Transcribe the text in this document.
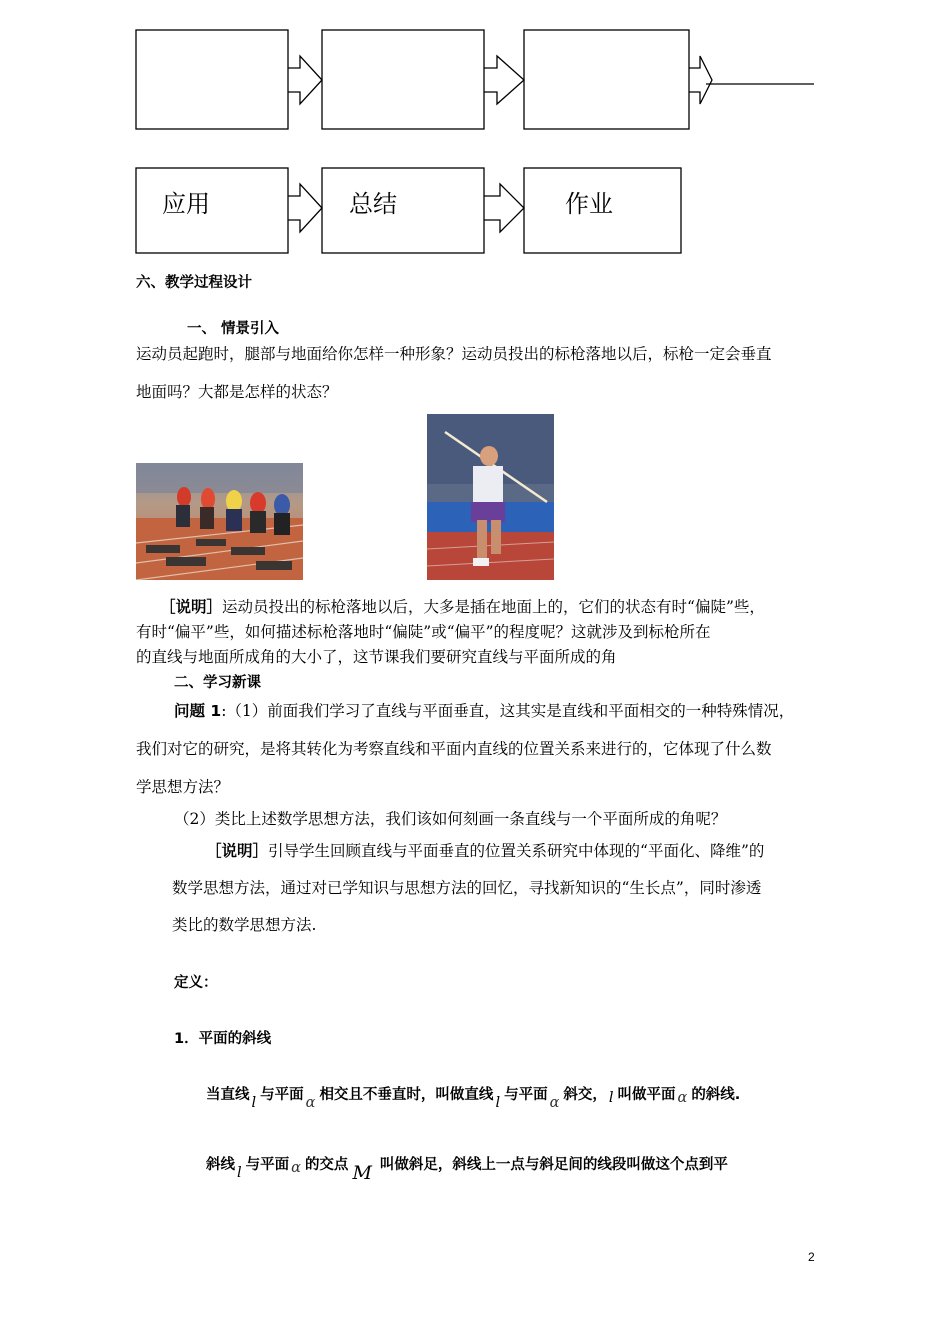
应用	总结	作业
六、教学过程设计
一、 情景引入
运动员起跑时，腿部与地面给你怎样一种形象？运动员投出的标枪落地以后，标枪一定会垂直
地面吗？大都是怎样的状态？
［说明］运动员投出的标枪落地以后，大多是插在地面上的，它们的状态有时“偏陡”些，
有时“偏平”些，如何描述标枪落地时“偏陡”或“偏平”的程度呢？这就涉及到标枪所在
的直线与地面所成角的大小了，这节课我们要研究直线与平面所成的角
二、学习新课
问题 1:（1）前面我们学习了直线与平面垂直，这其实是直线和平面相交的一种特殊情况，
我们对它的研究，是将其转化为考察直线和平面内直线的位置关系来进行的，它体现了什么数
学思想方法？
（2）类比上述数学思想方法，我们该如何刻画一条直线与一个平面所成的角呢？
［说明］引导学生回顾直线与平面垂直的位置关系研究中体现的“平面化、降维”的
数学思想方法，通过对已学知识与思想方法的回忆，寻找新知识的“生长点”，同时渗透
类比的数学思想方法.
定义：
1．平面的斜线
当直线 l 与平面 α 相交且不垂直时，叫做直线 l 与平面 α 斜交， l 叫做平面 α 的斜线.
斜线 l 与平面 α 的交点 M 叫做斜足，斜线上一点与斜足间的线段叫做这个点到平
2
